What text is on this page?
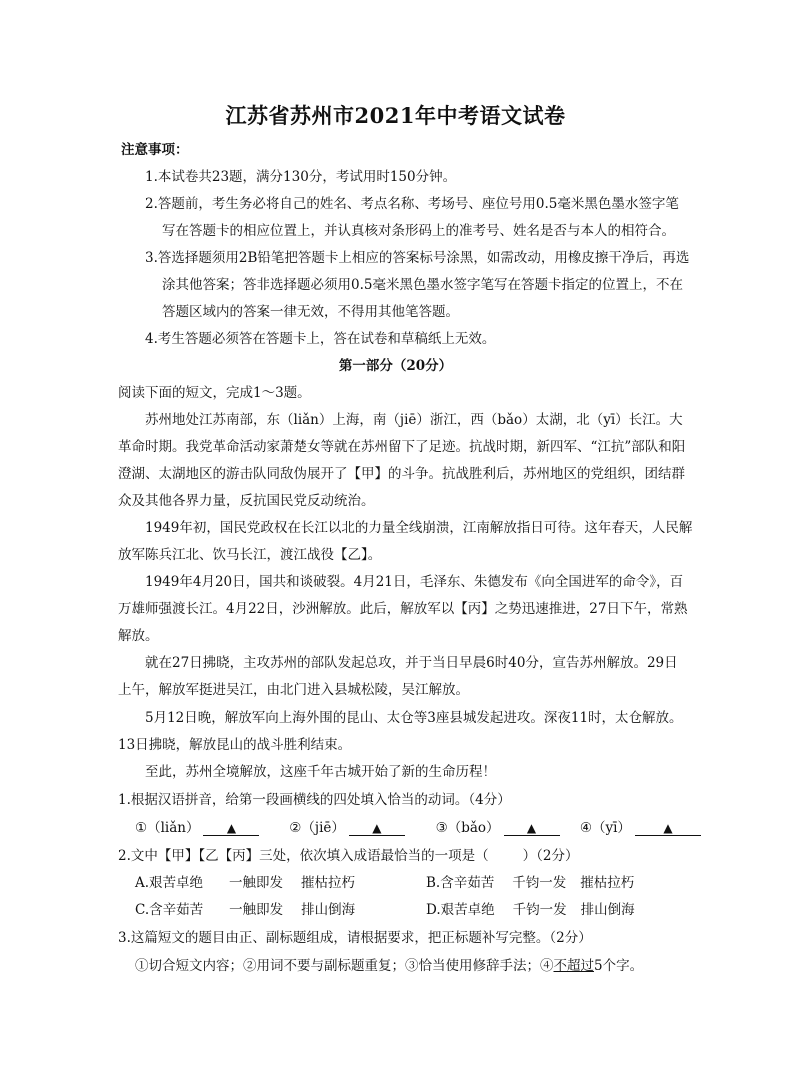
江苏省苏州市2021年中考语文试卷
注意事项：
1.本试卷共23题，满分130分，考试用时150分钟。
2.答题前，考生务必将自己的姓名、考点名称、考场号、座位号用0.5毫米黑色墨水签字笔
写在答题卡的相应位置上，并认真核对条形码上的准考号、姓名是否与本人的相符合。
3.答选择题须用2B铅笔把答题卡上相应的答案标号涂黑，如需改动，用橡皮擦干净后，再选
涂其他答案；答非选择题必须用0.5毫米黑色墨水签字笔写在答题卡指定的位置上，不在
答题区域内的答案一律无效，不得用其他笔答题。
4.考生答题必须答在答题卡上，答在试卷和草稿纸上无效。
第一部分（20分）
阅读下面的短文，完成1～3题。
苏州地处江苏南部，东（liǎn）上海，南（jiē）浙江，西（bǎo）太湖，北（yī）长江。大
革命时期。我党革命活动家萧楚女等就在苏州留下了足迹。抗战时期，新四军、“江抗”部队和阳
澄湖、太湖地区的游击队同敌伪展开了【甲】的斗争。抗战胜利后，苏州地区的党组织，团结群
众及其他各界力量，反抗国民党反动统治。
1949年初，国民党政权在长江以北的力量全线崩溃，江南解放指日可待。这年春天，人民解
放军陈兵江北、饮马长江，渡江战役【乙】。
1949年4月20日，国共和谈破裂。4月21日，毛泽东、朱德发布《向全国进军的命令》，百
万雄师强渡长江。4月22日，沙洲解放。此后，解放军以【丙】之势迅速推进，27日下午，常熟
解放。
就在27日拂晓，主攻苏州的部队发起总攻，并于当日早晨6时40分，宣告苏州解放。29日
上午，解放军挺进吴江，由北门进入县城松陵，吴江解放。
5月12日晚，解放军向上海外围的昆山、太仓等3座县城发起进攻。深夜11时，太仓解放。
13日拂晓，解放昆山的战斗胜利结束。
至此，苏州全境解放，这座千年古城开始了新的生命历程！
1.根据汉语拼音，给第一段画横线的四处填入恰当的动词。（4分）
①（liǎn） ▲	②（jiē） ▲	③（bǎo） ▲	④（yī）	▲
2.文中【甲】【乙【丙】三处，依次填入成语最恰当的一项是（	）（2分）
A.艰苦卓绝 一触即发 摧枯拉朽	B.含辛茹苦 千钧一发 摧枯拉朽
C.含辛茹苦 一触即发 排山倒海	D.艰苦卓绝 千钧一发 排山倒海
3.这篇短文的题目由正、副标题组成，请根据要求，把正标题补写完整。（2分）
①切合短文内容；②用词不要与副标题重复；③恰当使用修辞手法；④不超过5个字。
